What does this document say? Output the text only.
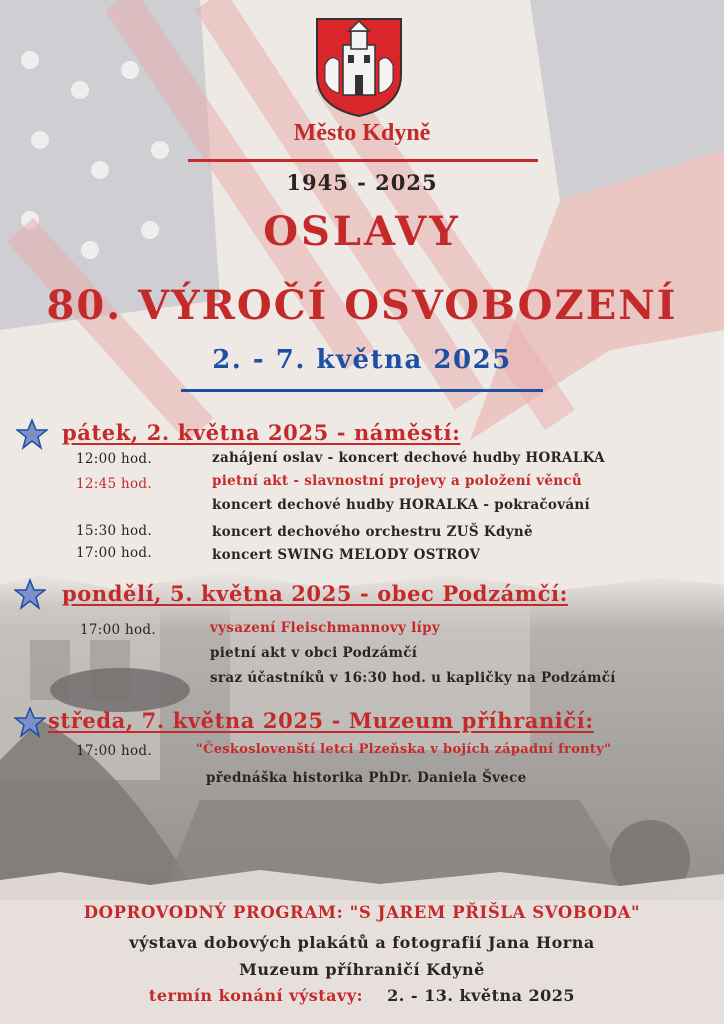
Město Kdyně
1945 - 2025
OSLAVY
80. VÝROČÍ OSVOBOZENÍ
2. - 7. května 2025
pátek, 2. května 2025 - náměstí:
12:00 hod.	zahájení oslav - koncert dechové hudby HORALKA
12:45 hod.	pietní akt - slavnostní projevy a položení věnců
koncert dechové hudby HORALKA - pokračování
15:30 hod.	koncert dechového orchestru ZUŠ Kdyně
17:00 hod.	koncert SWING MELODY OSTROV
pondělí, 5. května 2025 - obec Podzámčí:
17:00 hod.	vysazení Fleischmannovy lípy
pietní akt v obci Podzámčí
sraz účastníků v 16:30 hod. u kapličky na Podzámčí
středa, 7. května 2025 - Muzeum příhraničí:
17:00 hod.	"Českoslovenští letci Plzeňska v bojích západní fronty"
přednáška historika PhDr. Daniela Švece
DOPROVODNÝ PROGRAM: "S JAREM PŘIŠLA SVOBODA"
výstava dobových plakátů a fotografií Jana Horna
Muzeum příhraničí Kdyně
termín konání výstavy: 2. - 13. května 2025
